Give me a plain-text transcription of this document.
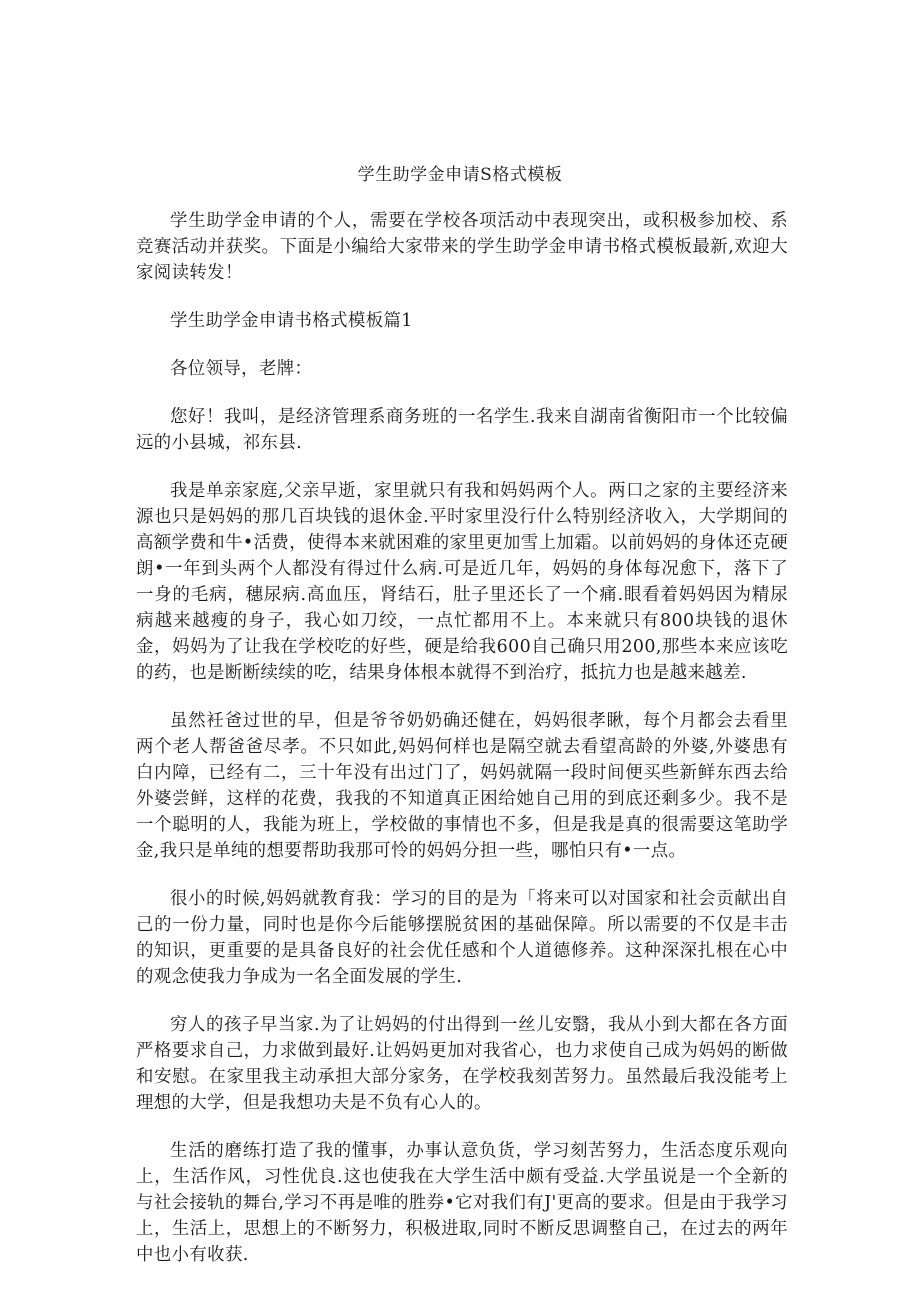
学生助学金申请S格式模板

学生助学金申请的个人，需要在学校各项活动中表现突出，或积极参加校、系竞赛活动并获奖。下面是小编给大家带来的学生助学金申请书格式模板最新,欢迎大家阅读转发！

学生助学金申请书格式模板篇1

各位领导，老牌：

您好！我叫，是经济管理系商务班的一名学生.我来自湖南省衡阳市一个比较偏远的小县城，祁东县.

我是单亲家庭,父亲早逝，家里就只有我和妈妈两个人。两口之家的主要经济来源也只是妈妈的那几百块钱的退休金.平时家里没行什么特别经济收入，大学期间的高额学费和牛•活费，使得本来就困难的家里更加雪上加霜。以前妈妈的身体还克硬朗•一年到头两个人都没有得过什么病.可是近几年，妈妈的身体每况愈下，落下了一身的毛病，穗尿病.高血压，肾结石，肚子里还长了一个痛.眼看着妈妈因为精尿病越来越瘦的身子，我心如刀绞，一点忙都用不上。本来就只有800块钱的退休金，妈妈为了让我在学校吃的好些，硬是给我600自己确只用200,那些本来应该吃的药，也是断断续续的吃，结果身体根本就得不到治疗，抵抗力也是越来越差.

虽然衽爸过世的早，但是爷爷奶奶确还健在，妈妈很孝瞅，每个月都会去看里两个老人帮爸爸尽孝。不只如此,妈妈何样也是隔空就去看望高龄的外婆,外婆患有白内障，已经有二，三十年没有出过门了，妈妈就隔一段时间便买些新鲜东西去给外婆尝鲜，这样的花费，我我的不知道真正困给她自己用的到底还剩多少。我不是一个聪明的人，我能为班上，学校做的事情也不多，但是我是真的很需要这笔助学金,我只是单纯的想要帮助我那可怜的妈妈分担一些，哪怕只有•一点。

很小的时候,妈妈就教育我：学习的目的是为「将来可以对国家和社会贡献出自己的一份力量，同时也是你今后能够摆脱贫困的基础保障。所以需要的不仅是丰击的知识，更重要的是具备良好的社会优任感和个人道德修养。这种深深扎根在心中的观念使我力争成为一名全面发展的学生.

穷人的孩子早当家.为了让妈妈的付出得到一丝儿安翳，我从小到大都在各方面严格要求自己，力求做到最好.让妈妈更加对我省心，也力求使自己成为妈妈的断做和安慰。在家里我主动承担大部分家务，在学校我刻苦努力。虽然最后我没能考上理想的大学，但是我想功夫是不负有心人的。

生活的磨练打造了我的懂事，办事认意负货，学习刻苦努力，生活态度乐观向上，生活作风，习性优良.这也使我在大学生活中颇有受益.大学虽说是一个全新的与社会接轨的舞台,学习不再是唯的胜券•它对我们有J'更高的要求。但是由于我学习上，生活上，思想上的不断努力，积极进取,同时不断反思调整自己，在过去的两年中也小有收获.
